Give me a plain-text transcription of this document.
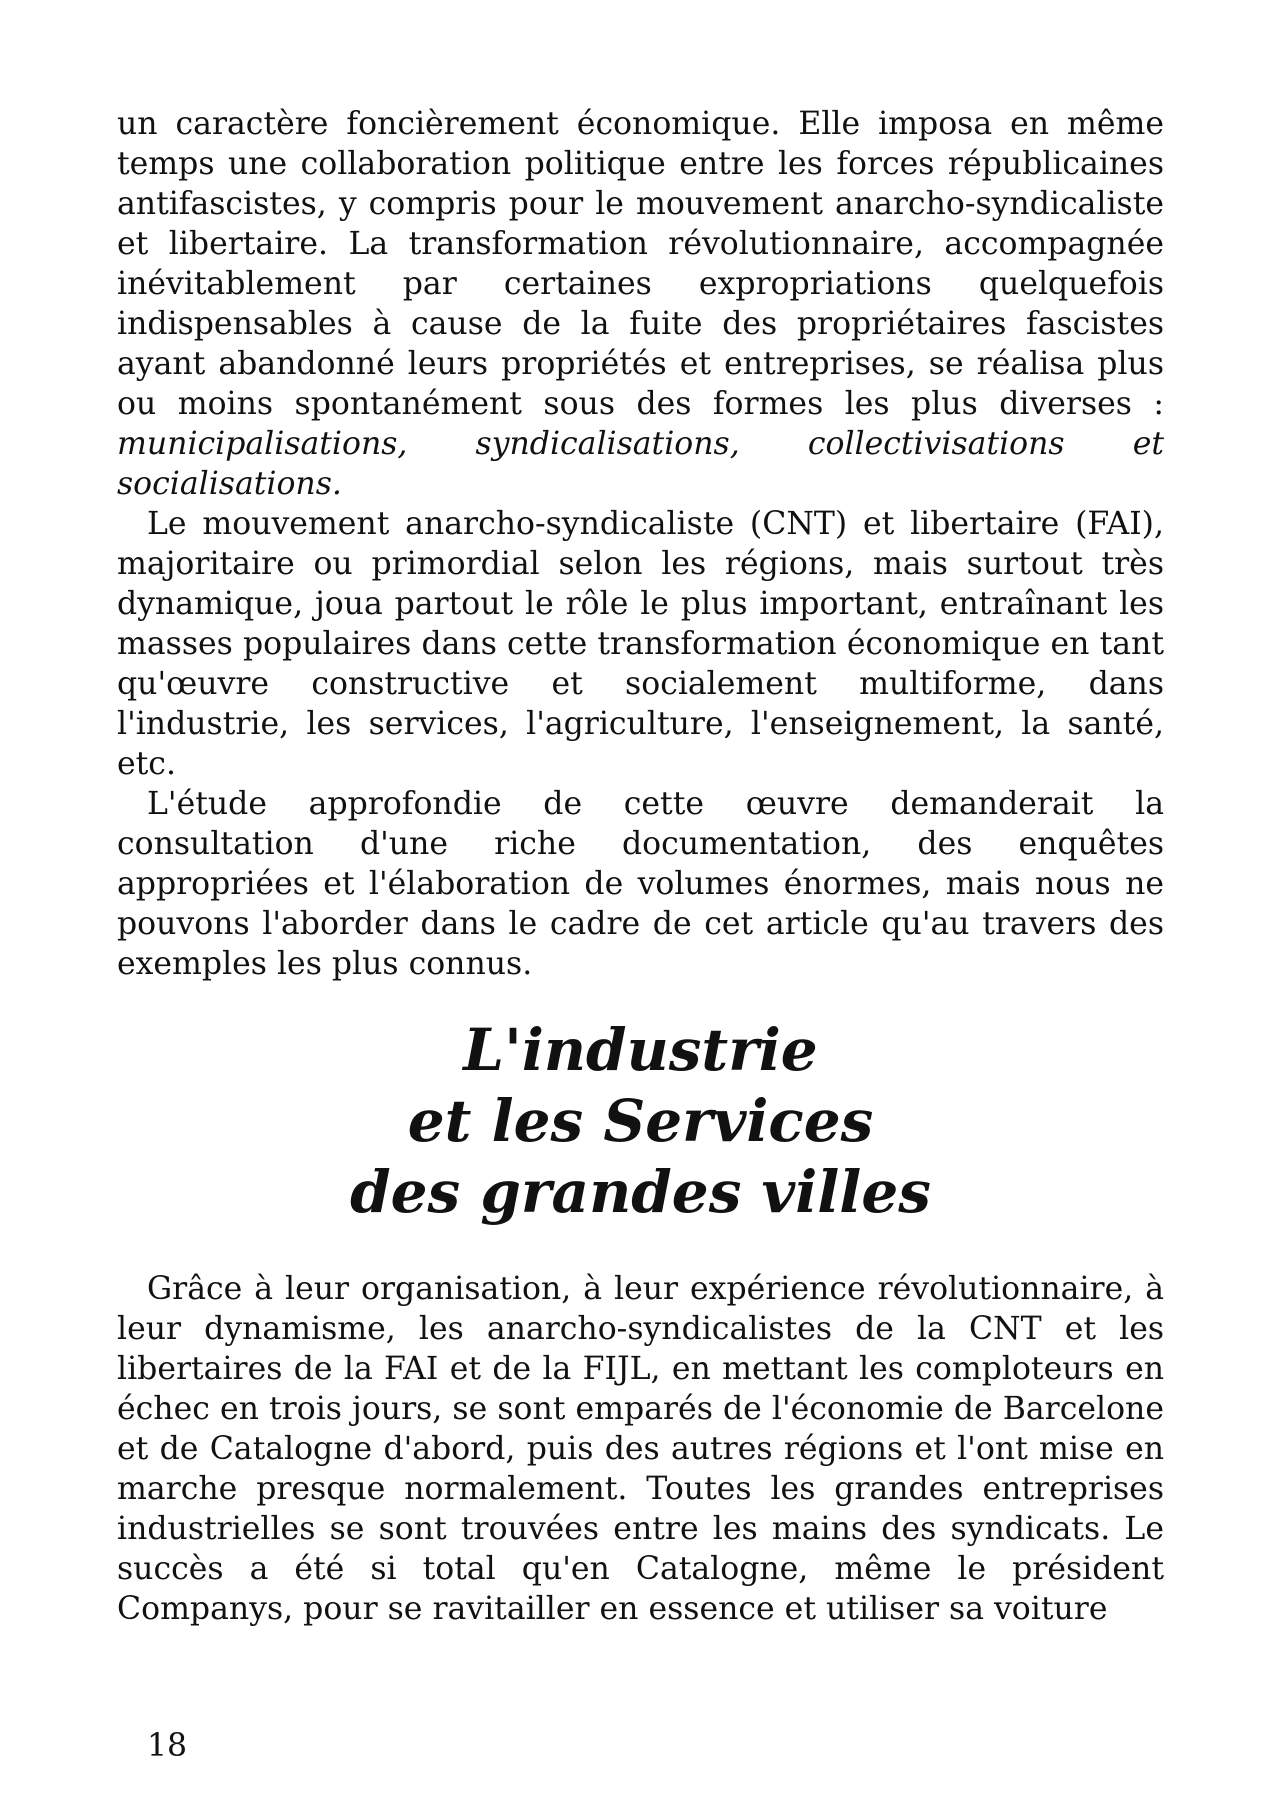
un caractère foncièrement économique. Elle imposa en même temps une collaboration politique entre les forces républicaines antifascistes, y compris pour le mouvement anarcho-syndicaliste et libertaire. La transformation révolutionnaire, accompagnée inévitablement par certaines expropriations quelquefois indispensables à cause de la fuite des propriétaires fascistes ayant abandonné leurs propriétés et entreprises, se réalisa plus ou moins spontanément sous des formes les plus diverses : municipalisations, syndicalisations, collectivisations et socialisations.

Le mouvement anarcho-syndicaliste (CNT) et libertaire (FAI), majoritaire ou primordial selon les régions, mais surtout très dynamique, joua partout le rôle le plus important, entraînant les masses populaires dans cette transformation économique en tant qu'œuvre constructive et socialement multiforme, dans l'industrie, les services, l'agriculture, l'enseignement, la santé, etc.

L'étude approfondie de cette œuvre demanderait la consultation d'une riche documentation, des enquêtes appropriées et l'élaboration de volumes énormes, mais nous ne pouvons l'aborder dans le cadre de cet article qu'au travers des exemples les plus connus.

L'industrie
et les Services
des grandes villes

Grâce à leur organisation, à leur expérience révolutionnaire, à leur dynamisme, les anarcho-syndicalistes de la CNT et les libertaires de la FAI et de la FIJL, en mettant les comploteurs en échec en trois jours, se sont emparés de l'économie de Barcelone et de Catalogne d'abord, puis des autres régions et l'ont mise en marche presque normalement. Toutes les grandes entreprises industrielles se sont trouvées entre les mains des syndicats. Le succès a été si total qu'en Catalogne, même le président Companys, pour se ravitailler en essence et utiliser sa voiture

18
